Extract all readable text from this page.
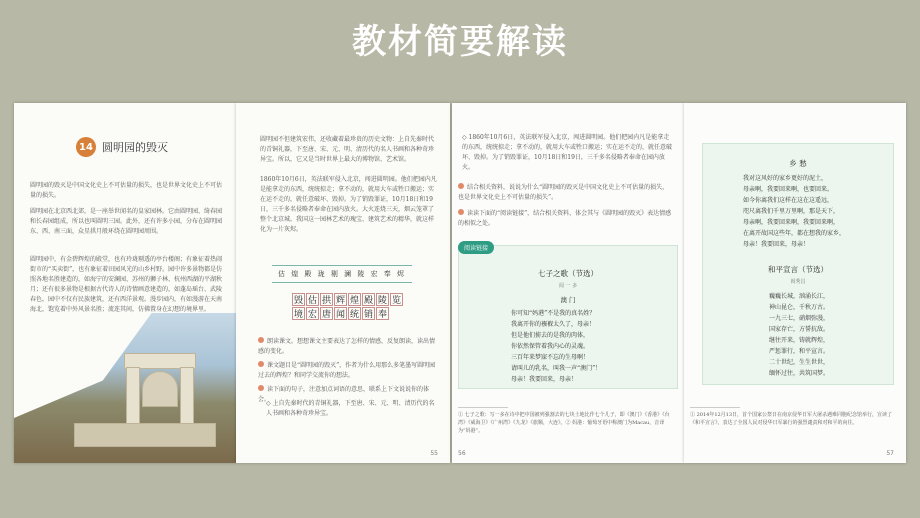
教材简要解读
14 圆明园的毁灭
圆明园的毁灭是中国文化史上不可估量的损失，也是世界文化史上不可估量的损失。
圆明园在北京西北郊，是一座举世闻名的皇家园林。它由圆明园、绮春园和长春园组成，所以也叫圆明三园。此外，还有许多小园，分布在圆明园东、西、南三面，众星拱月般环绕在圆明园周围。
圆明园中，有金碧辉煌的殿堂，也有玲珑剔透的亭台楼阁；有象征着热闹街市的“买卖街”，也有象征着田园风光的山乡村野。园中许多景物都是仿照各地名胜建造的，如海宁的安澜园、苏州的狮子林、杭州西湖的平湖秋月；还有很多景物是根据古代诗人的诗情画意建造的，如蓬岛瑶台、武陵春色。园中不仅有民族建筑，还有西洋景观。漫步园内，有如漫游在天南海北，饱览着中外风景名胜；流连其间，仿佛置身在幻想的境界里。
圆明园不但建筑宏伟，还收藏着最珍贵的历史文物：上自先秦时代的青铜礼器，下至唐、宋、元、明、清历代的名人书画和各种奇珍异宝。所以，它又是当时世界上最大的博物馆、艺术馆。
1860年10月6日，英法联军侵入北京，闯进圆明园。他们把园内凡是能拿走的东西，统统掠走；拿不动的，就用大车或牲口搬运；实在运不走的，就任意破坏、毁掉。为了销毁罪证，10月18日和19日，三千多名侵略者奉命在园内放火。大火连烧三天，烟云笼罩了整个北京城。我国这一园林艺术的瑰宝、建筑艺术的精华，就这样化为一片灰烬。
估 煌 殿 珑 剔 澜 陵 宏 奉 烬
毁 估 拱 辉 煌 殿 陵 览
境 宏 唐 闻 统 销 奉
朗读课文。想想课文主要表达了怎样的情感，反复朗读，读出情感的变化。
课文题目是“圆明园的毁灭”，作者为什么用那么多笔墨写圆明园过去的辉煌？和同学交流你的想法。
读下面的句子，注意加点词语的意思，联系上下文说说你的体会。
◇ 上自先秦时代的青铜礼器，下至唐、宋、元、明、清历代的名人书画和各种奇珍异宝。
55
◇ 1860年10月6日，英法联军侵入北京，闯进圆明园。他们把园内凡是能拿走的东西，统统掠走；拿不动的，就用大车或牲口搬运；实在运不走的，就任意破坏、毁掉。为了销毁罪证，10月18日和19日，三千多名侵略者奉命在园内放火。
结合相关资料，说说为什么“圆明园的毁灭是中国文化史上不可估量的损失，也是世界文化史上不可估量的损失”。
读读下面的“阅读链接”，结合相关资料，体会其与《圆明园的毁灭》表达情感的相似之处。
七子之歌（节选）
闻 一 多
澳 门
你可知“妈港”不是我的真名姓？
我离开你的襁褓太久了，母亲！
但是他们掳去的是我的肉体，
你依然保管着我内心的灵魂。
三百年来梦寐不忘的生母啊！
请叫儿的乳名，叫我一声“澳门”！
母亲！我要回来，母亲！
阅读链接
① 七子之歌：写一多在诗中把中国被列强割去的七块土地比作七个儿子，即《澳门》《香港》《台湾》《威海卫》《广州湾》《九龙》《旅顺，大连》。② 妈港：葡萄牙语中称澳门为Macau，音译为“妈港”。
56
乡 愁
我对这风好的家乡更好的泥土，
母亲啊，我要回来啊，也要回来。
如今你离我们这样在这在这遥远，
咫尺离我们千里万里啊，那是天下，
母亲啊，我要回来啊，我要回来啊，
在离开故国这些年，都在想我的家乡，
母亲！我要回来，母亲！
和平宣言（节选）
阎秀昌
巍巍长城，汹涌长江，
神山昆仑，千秋万古。
一九三七，硝烟弥漫，
国家存亡，方誓抗敌。
继往开来，铸就辉煌，
严惩罪行，和平宣言。
二十世纪，生生世世，
缅怀过往，共筑国梦。
① 2014年12月13日，首个国家公祭日在南京侵华日军大屠杀遇难同胞纪念馆举行，宣读了《和平宣言》，表达了全国人民对侵华日军暴行的强烈谴责和对和平的向往。
57
